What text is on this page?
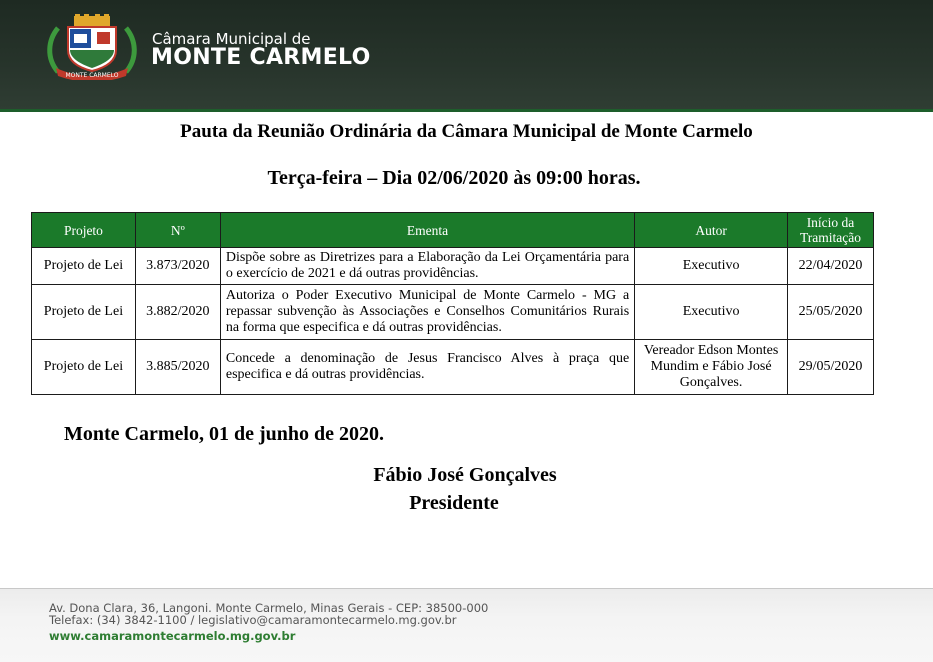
MONTE CARMELO
Câmara Municipal de
MONTE CARMELO
Pauta da Reunião Ordinária da Câmara Municipal de Monte Carmelo
Terça-feira – Dia 02/06/2020 às 09:00 horas.
Projeto	Nº	Ementa	Autor	Início da Tramitação
Projeto de Lei	3.873/2020	Dispõe sobre as Diretrizes para a Elaboração da Lei Orçamentária para o exercício de 2021 e dá outras providências.	Executivo	22/04/2020
Projeto de Lei	3.882/2020	Autoriza o Poder Executivo Municipal de Monte Carmelo - MG a repassar subvenção às Associações e Conselhos Comunitários Rurais na forma que especifica e dá outras providências.	Executivo	25/05/2020
Projeto de Lei	3.885/2020	Concede a denominação de Jesus Francisco Alves à praça que especifica e dá outras providências.	Vereador Edson Montes Mundim e Fábio José Gonçalves.	29/05/2020
Monte Carmelo, 01 de junho de 2020.
Fábio José Gonçalves
Presidente
Av. Dona Clara, 36, Langoni. Monte Carmelo, Minas Gerais - CEP: 38500-000
Telefax: (34) 3842-1100 / legislativo@camaramontecarmelo.mg.gov.br
www.camaramontecarmelo.mg.gov.br
